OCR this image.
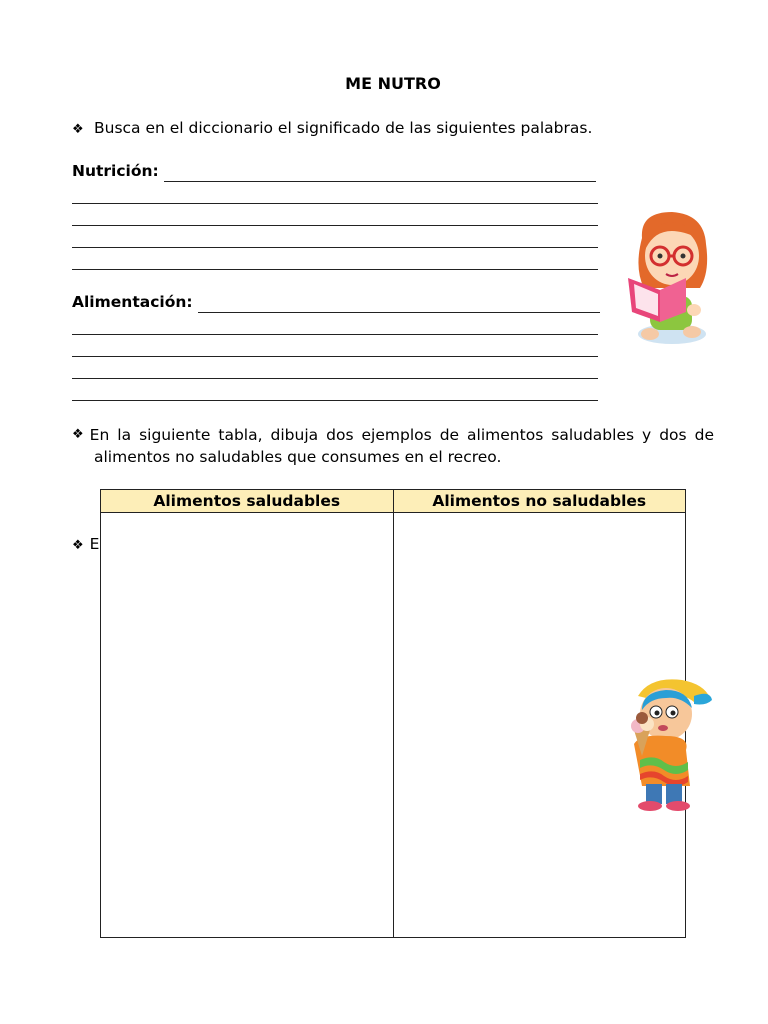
ME NUTRO
❖ Busca en el diccionario el significado de las siguientes palabras.
Nutrición:
Alimentación:
❖ En la siguiente tabla, dibuja dos ejemplos de alimentos saludables y dos de
alimentos no saludables que consumes en el recreo.
❖ E
Alimentos saludables	Alimentos no saludables
